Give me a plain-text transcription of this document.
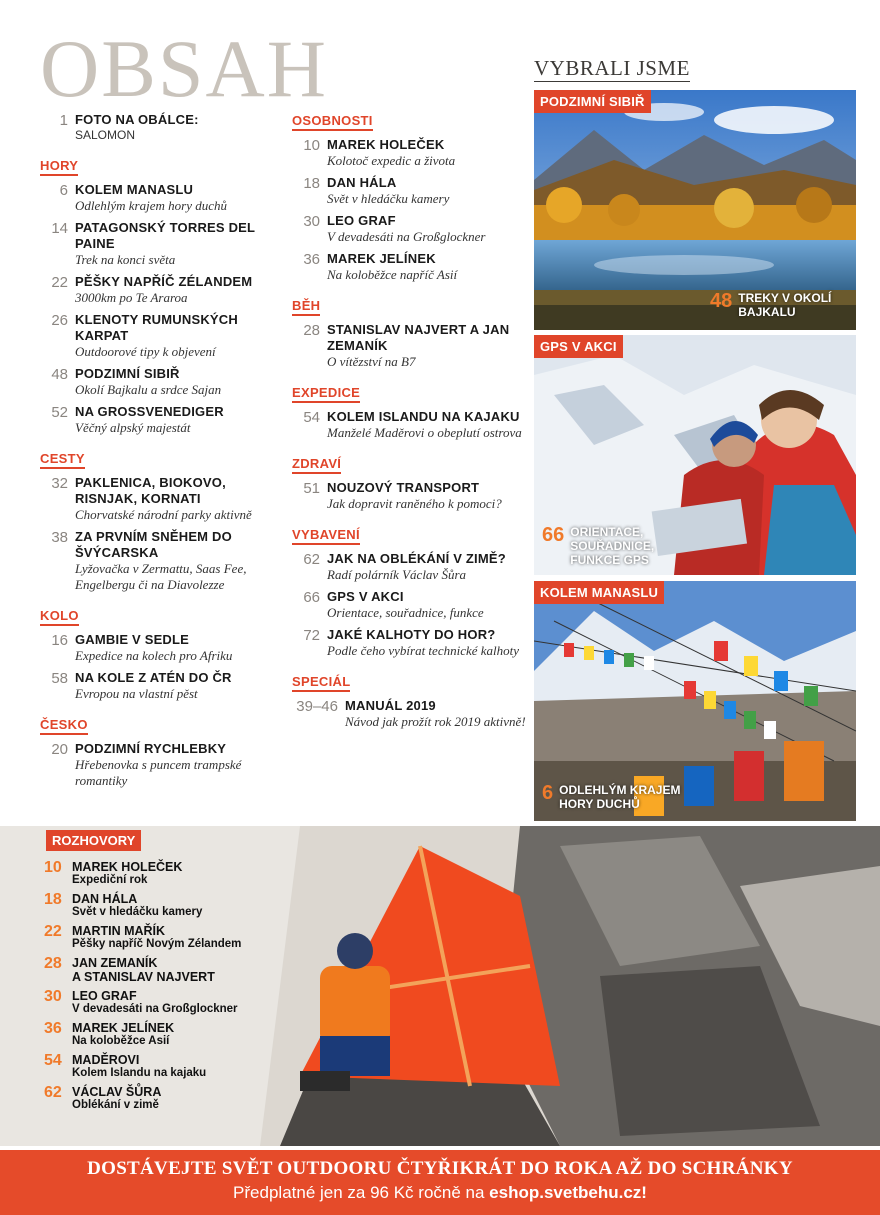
OBSAH
1 FOTO NA OBÁLCE:
SALOMON
HORY
6 KOLEM MANASLU
Odlehlým krajem hory duchů
14 PATAGONSKÝ TORRES DEL PAINE
Trek na konci světa
22 PĚŠKY NAPŘÍČ ZÉLANDEM
3000km po Te Araroa
26 KLENOTY RUMUNSKÝCH KARPAT
Outdoorové tipy k objevení
48 PODZIMNÍ SIBIŘ
Okolí Bajkalu a srdce Sajan
52 NA GROSSVENEDIGER
Věčný alpský majestát
CESTY
32 PAKLENICA, BIOKOVO, RISNJAK, KORNATI
Chorvatské národní parky aktivně
38 ZA PRVNÍM SNĚHEM DO ŠVÝCARSKA
Lyžovačka v Zermattu, Saas Fee, Engelbergu či na Diavolezze
KOLO
16 GAMBIE V SEDLE
Expedice na kolech pro Afriku
58 NA KOLE Z ATÉN DO ČR
Evropou na vlastní pěst
ČESKO
20 PODZIMNÍ RYCHLEBKY
Hřebenovka s puncem trampské romantiky
OSOBNOSTI
10 MAREK HOLEČEK
Kolotoč expedic a života
18 DAN HÁLA
Svět v hledáčku kamery
30 LEO GRAF
V devadesáti na Großglockner
36 MAREK JELÍNEK
Na koloběžce napříč Asií
BĚH
28 STANISLAV NAJVERT A JAN ZEMANÍK
O vítězství na B7
EXPEDICE
54 KOLEM ISLANDU NA KAJAKU
Manželé Maděrovi o obeplutí ostrova
ZDRAVÍ
51 NOUZOVÝ TRANSPORT
Jak dopravit raněného k pomoci?
VYBAVENÍ
62 JAK NA OBLÉKÁNÍ V ZIMĚ?
Radí polárník Václav Šůra
66 GPS V AKCI
Orientace, souřadnice, funkce
72 JAKÉ KALHOTY DO HOR?
Podle čeho vybírat technické kalhoty
SPECIÁL
39–46 MANUÁL 2019
Návod jak prožít rok 2019 aktivně!
VYBRALI JSME
PODZIMNÍ SIBIŘ
48 TREKY V OKOLÍ BAJKALU
GPS V AKCI
66 ORIENTACE, SOUŘADNICE, FUNKCE GPS
KOLEM MANASLU
6 ODLEHLÝM KRAJEM HORY DUCHŮ
ROZHOVORY
10 MAREK HOLEČEK
Expediční rok
18 DAN HÁLA
Svět v hledáčku kamery
22 MARTIN MAŘÍK
Pěšky napříč Novým Zélandem
28 JAN ZEMANÍK
A STANISLAV NAJVERT
30 LEO GRAF
V devadesáti na Großglockner
36 MAREK JELÍNEK
Na koloběžce Asií
54 MADĚROVI
Kolem Islandu na kajaku
62 VÁCLAV ŠŮRA
Oblékání v zimě
DOSTÁVEJTE SVĚT OUTDOORU ČTYŘIKRÁT DO ROKA AŽ DO SCHRÁNKY
Předplatné jen za 96 Kč ročně na eshop.svetbehu.cz!
